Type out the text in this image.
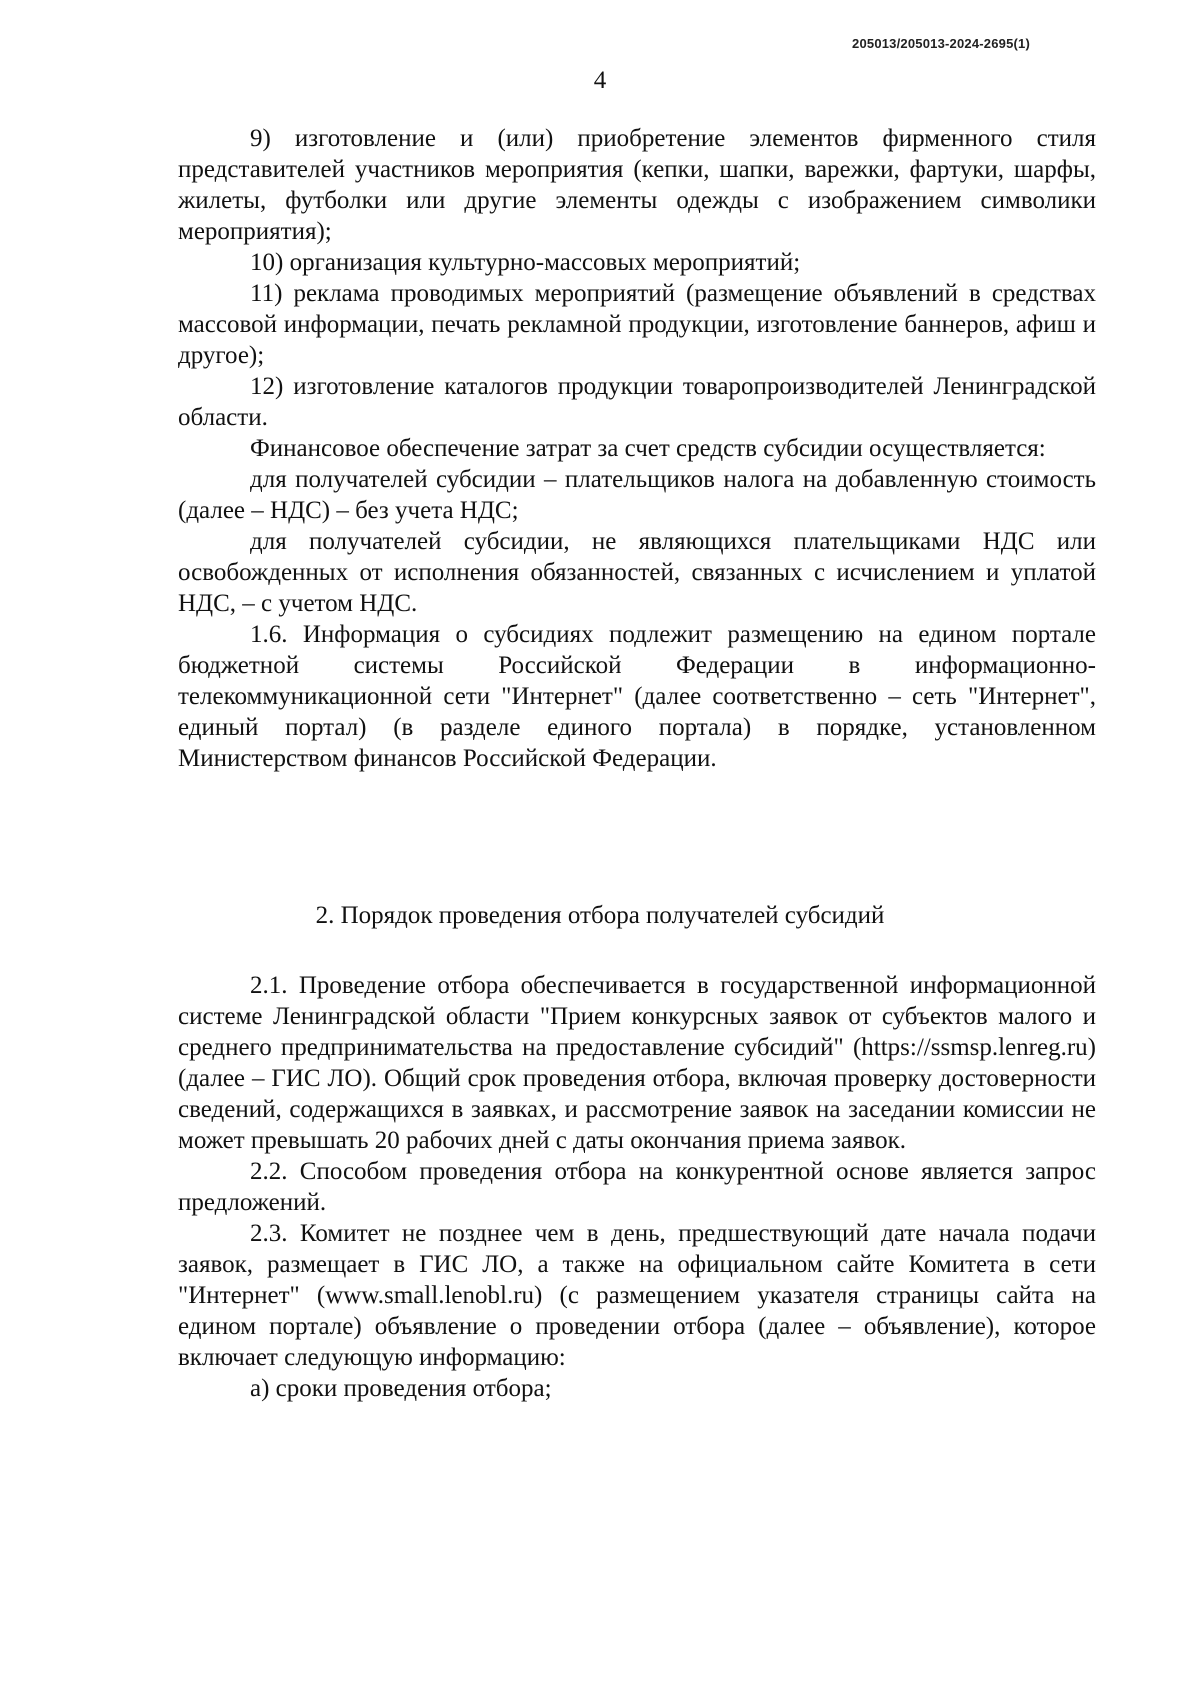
205013/205013-2024-2695(1)
4

9) изготовление и (или) приобретение элементов фирменного стиля представителей участников мероприятия (кепки, шапки, варежки, фартуки, шарфы, жилеты, футболки или другие элементы одежды с изображением символики мероприятия);

10) организация культурно-массовых мероприятий;

11) реклама проводимых мероприятий (размещение объявлений в средствах массовой информации, печать рекламной продукции, изготовление баннеров, афиш и другое);

12) изготовление каталогов продукции товаропроизводителей Ленинградской области.

Финансовое обеспечение затрат за счет средств субсидии осуществляется:

для получателей субсидии – плательщиков налога на добавленную стоимость (далее – НДС) – без учета НДС;

для получателей субсидии, не являющихся плательщиками НДС или освобожденных от исполнения обязанностей, связанных с исчислением и уплатой НДС, – с учетом НДС.

1.6. Информация о субсидиях подлежит размещению на едином портале бюджетной системы Российской Федерации в информационно-телекоммуникационной сети "Интернет" (далее соответственно – сеть "Интернет", единый портал) (в разделе единого портала) в порядке, установленном Министерством финансов Российской Федерации.

2. Порядок проведения отбора получателей субсидий

2.1. Проведение отбора обеспечивается в государственной информационной системе Ленинградской области "Прием конкурсных заявок от субъектов малого и среднего предпринимательства на предоставление субсидий" (https://ssmsp.lenreg.ru) (далее – ГИС ЛО). Общий срок проведения отбора, включая проверку достоверности сведений, содержащихся в заявках, и рассмотрение заявок на заседании комиссии не может превышать 20 рабочих дней с даты окончания приема заявок.

2.2. Способом проведения отбора на конкурентной основе является запрос предложений.

2.3. Комитет не позднее чем в день, предшествующий дате начала подачи заявок, размещает в ГИС ЛО, а также на официальном сайте Комитета в сети "Интернет" (www.small.lenobl.ru) (с размещением указателя страницы сайта на едином портале) объявление о проведении отбора (далее – объявление), которое включает следующую информацию:

а) сроки проведения отбора;
